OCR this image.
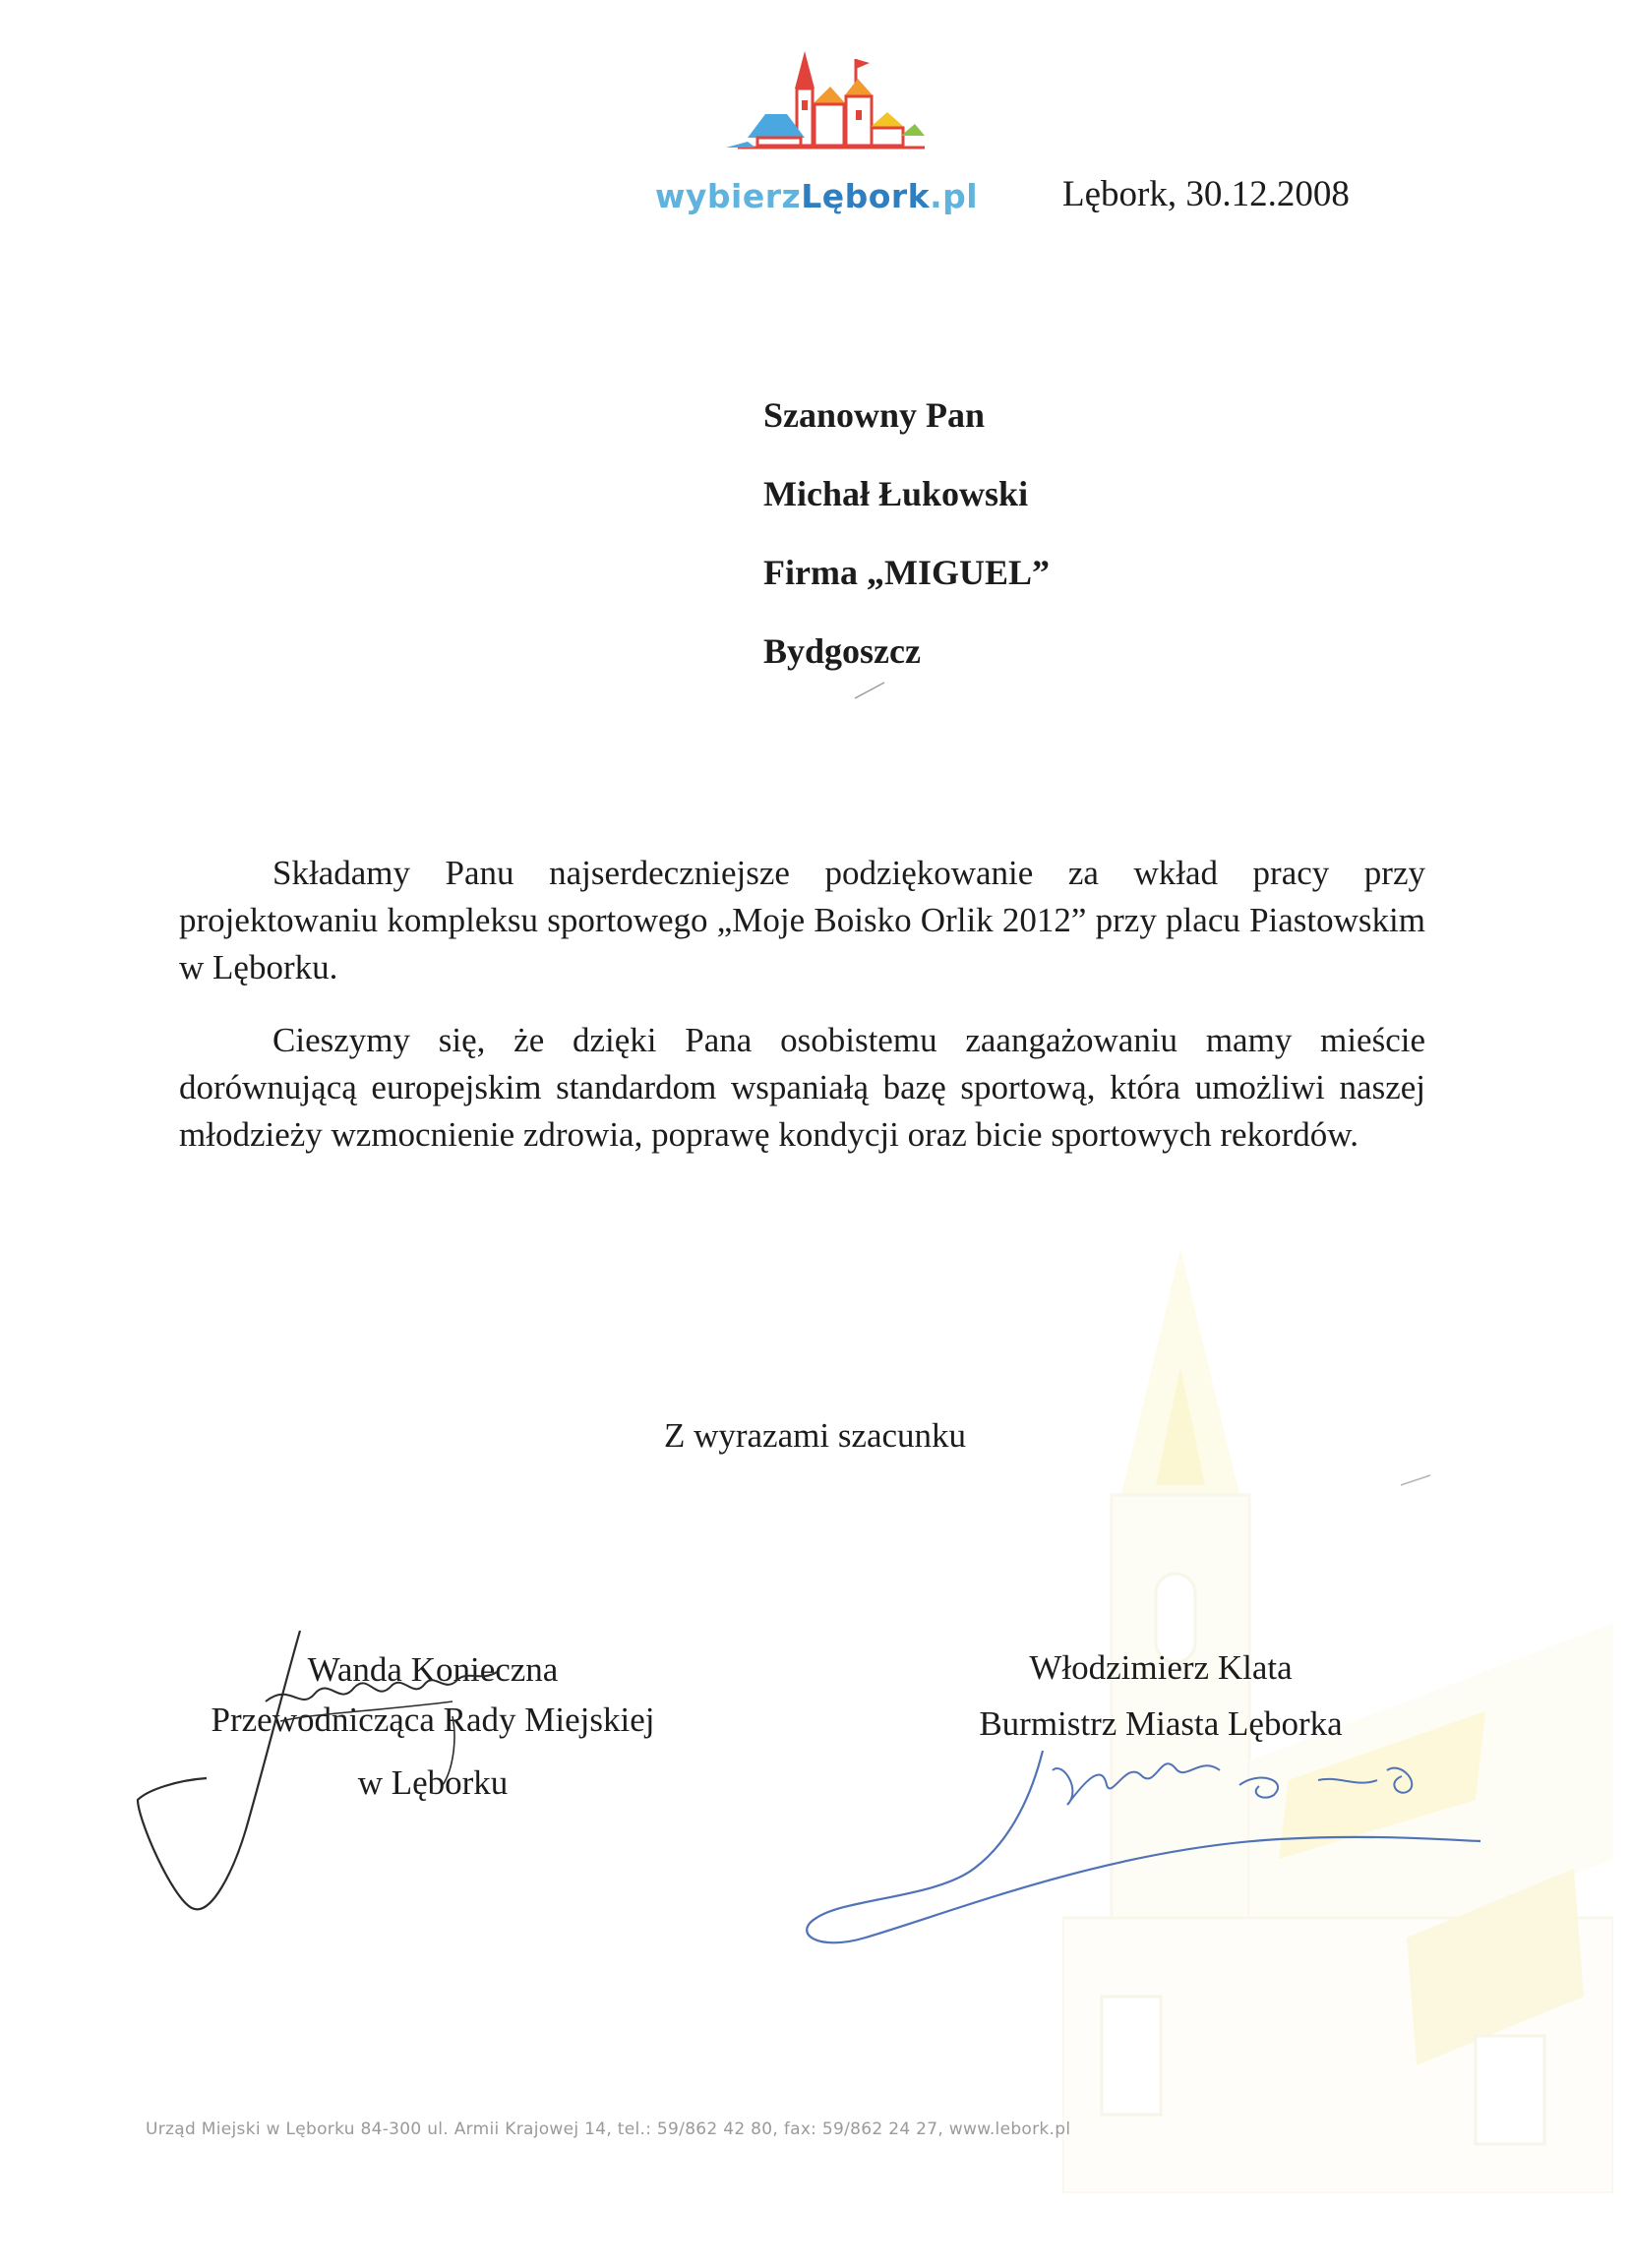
wybierzLębork.pl Lębork, 30.12.2008
Szanowny Pan
Michał Łukowski
Firma „MIGUEL”
Bydgoszcz

Składamy Panu najserdeczniejsze podziękowanie za wkład pracy przy projektowaniu kompleksu sportowego „Moje Boisko Orlik 2012” przy placu Piastowskim w Lęborku.

Cieszymy się, że dzięki Pana osobistemu zaangażowaniu mamy mieście dorównującą europejskim standardom wspaniałą bazę sportową, która umożliwi naszej młodzieży wzmocnienie zdrowia, poprawę kondycji oraz bicie sportowych rekordów.

Z wyrazami szacunku
Wanda Konieczna
Przewodnicząca Rady Miejskiej
w Lęborku
Włodzimierz Klata
Burmistrz Miasta Lęborka
Urząd Miejski w Lęborku 84-300 ul. Armii Krajowej 14, tel.: 59/862 42 80, fax: 59/862 24 27, www.lebork.pl
